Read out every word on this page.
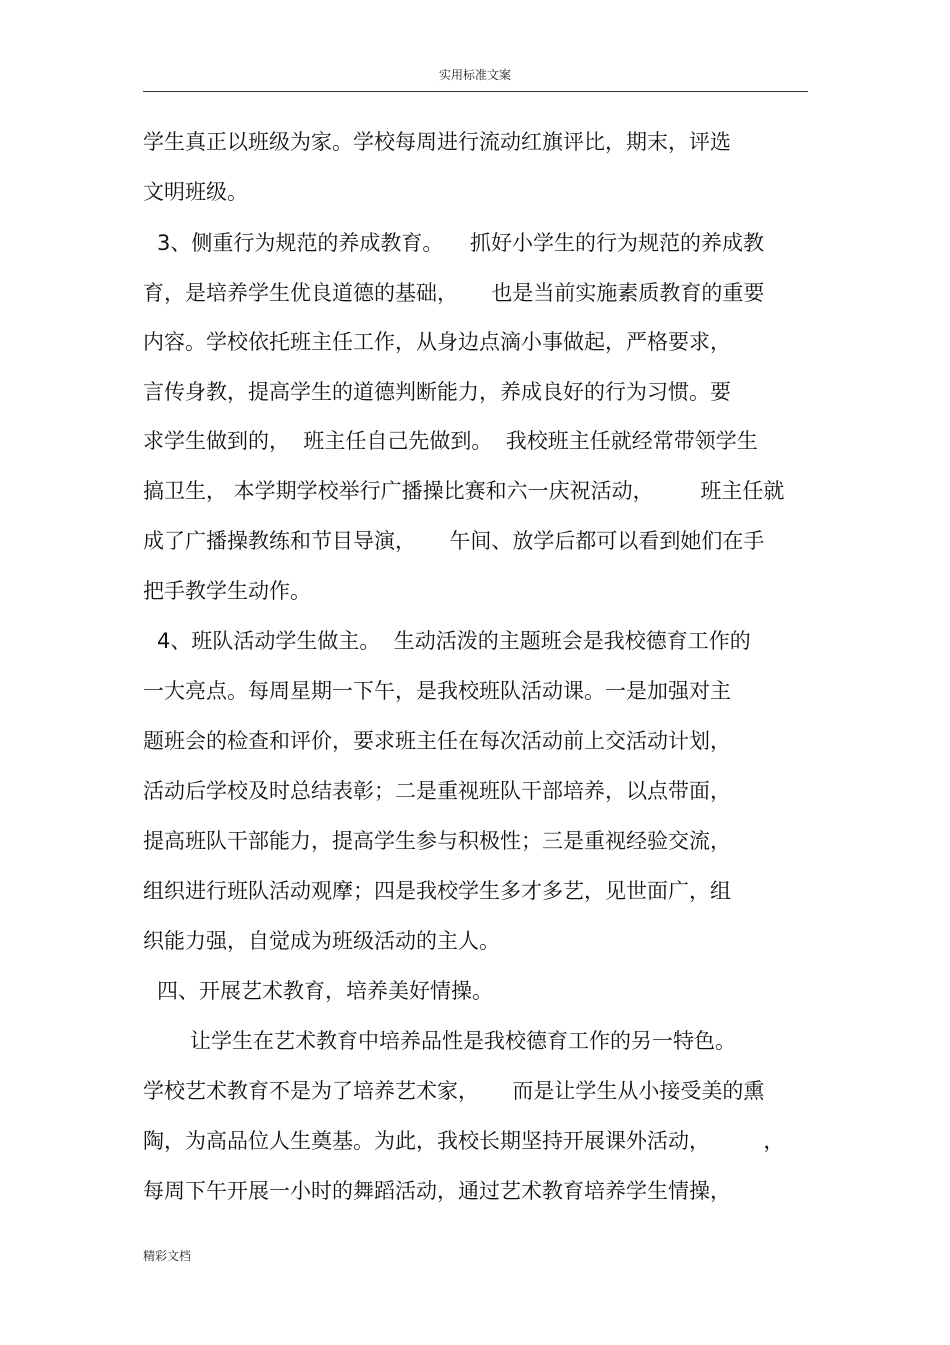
实用标准文案
学生真正以班级为家。学校每周进行流动红旗评比，期末，评选
文明班级。
3、侧重行为规范的养成教育。    抓好小学生的行为规范的养成教
育，是培养学生优良道德的基础，     也是当前实施素质教育的重要
内容。学校依托班主任工作，从身边点滴小事做起，严格要求，
言传身教，提高学生的道德判断能力，养成良好的行为习惯。要
求学生做到的，  班主任自己先做到。  我校班主任就经常带领学生
搞卫生， 本学期学校举行广播操比赛和六一庆祝活动，       班主任就
成了广播操教练和节目导演，     午间、放学后都可以看到她们在手
把手教学生动作。
4、班队活动学生做主。  生动活泼的主题班会是我校德育工作的
一大亮点。每周星期一下午，是我校班队活动课。一是加强对主
题班会的检查和评价，要求班主任在每次活动前上交活动计划，
活动后学校及时总结表彰；二是重视班队干部培养，以点带面，
提高班队干部能力，提高学生参与积极性；三是重视经验交流，
组织进行班队活动观摩；四是我校学生多才多艺，见世面广，组
织能力强，自觉成为班级活动的主人。
四、开展艺术教育，培养美好情操。
让学生在艺术教育中培养品性是我校德育工作的另一特色。
学校艺术教育不是为了培养艺术家，     而是让学生从小接受美的熏
陶，为高品位人生奠基。为此，我校长期坚持开展课外活动，        ，
每周下午开展一小时的舞蹈活动，通过艺术教育培养学生情操，
精彩文档
